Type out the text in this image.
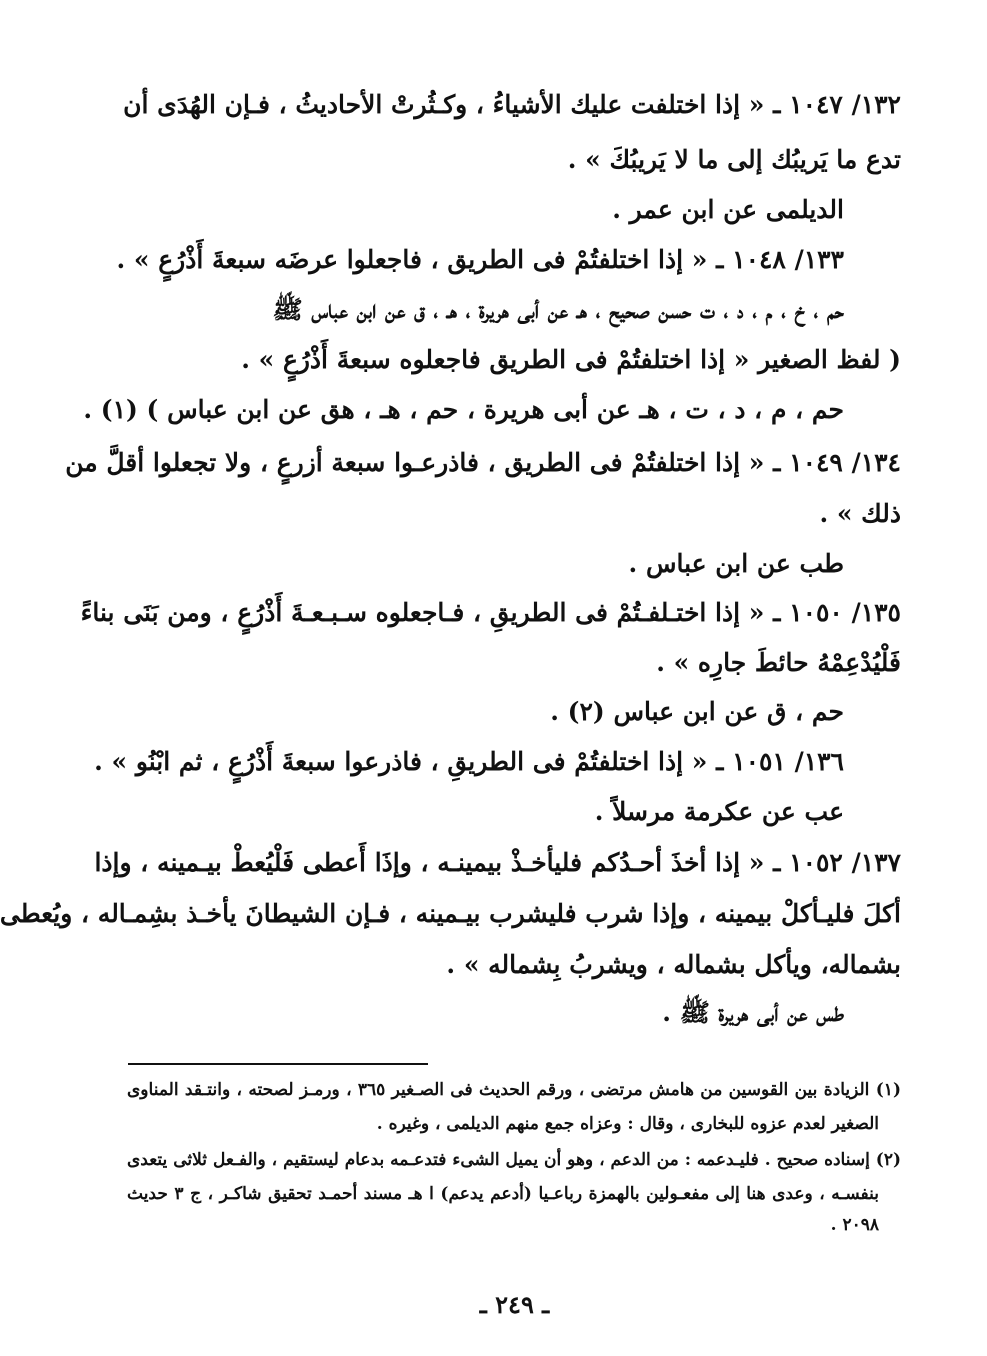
١٣٢/ ١٠٤٧ ـ « إذا اختلفت عليك الأشياءُ ، وكـثُرتْ الأحاديثُ ، فـإن الهُدَى أن
تدع ما يَريبُك إلى ما لا يَريبُكَ » .
الديلمى عن ابن عمر .
١٣٣/ ١٠٤٨ ـ « إذا اختلفتُمْ فى الطريق ، فاجعلوا عرضَه سبعةَ أَذْرُعٍ » .
حم ، خ ، م ، د ، ت حسن صحيح ، هـ عن أبى هريرة ، هـ ، ق عن ابن عباس ﷺ
( لفظ الصغير « إذا اختلفتُمْ فى الطريق فاجعلوه سبعةَ أَذْرُعٍ » .
حم ، م ، د ، ت ، هـ عن أبى هريرة ، حم ، هـ ، هق عن ابن عباس ) (١) .
١٣٤/ ١٠٤٩ ـ « إذا اختلفتُمْ فى الطريق ، فاذرعـوا سبعة أزرعٍ ، ولا تجعلوا أقلَّ من
ذلك » .
طب عن ابن عباس .
١٣٥/ ١٠٥٠ ـ « إذا اختـلفـتُمْ فى الطريقِ ، فـاجعلوه سـبـعـةَ أَذْرُعٍ ، ومن بَنَى بناءً
فَلْيُدْعِمْهُ حائطَ جارِه » .
حم ، ق عن ابن عباس (٢) .
١٣٦/ ١٠٥١ ـ « إذا اختلفتُمْ فى الطريقِ ، فاذرعوا سبعةَ أَذْرُعٍ ، ثم ابْنُو » .
عب عن عكرمة مرسلاً .
١٣٧/ ١٠٥٢ ـ « إذا أخذَ أحـدُكم فليأخـذْ بيمينـه ، وإذَا أَعطى فَلْيُعطْ بيـمينه ، وإذا
أكلَ فليـأكلْ بيمينه ، وإذا شرب فليشرب بيـمينه ، فـإن الشيطانَ يأخـذ بشِمـاله ، ويُعطى
بشماله، ويأكل بشماله ، ويشربُ بِشماله » .
طس عن أبى هريرة ﷺ .
(١) الزيادة بين القوسين من هامش مرتضى ، ورقم الحديث فى الصـغير ٣٦٥ ، ورمـز لصحته ، وانتـقد المناوى
الصغير لعدم عزوه للبخارى ، وقال : وعزاه جمع منهم الديلمى ، وغيره .
(٢) إسناده صحيح . فليـدعمه : من الدعم ، وهو أن يميل الشىء فتدعـمه بدعام ليستقيم ، والفـعل ثلاثى يتعدى
بنفسـه ، وعدى هنا إلى مفعـولين بالهمزة رباعـيا (أدعم يدعم) ا هـ مسند أحمـد تحقيق شاكـر ، ج ٣ حديث
٢٠٩٨ .
ـ ٢٤٩ ـ
